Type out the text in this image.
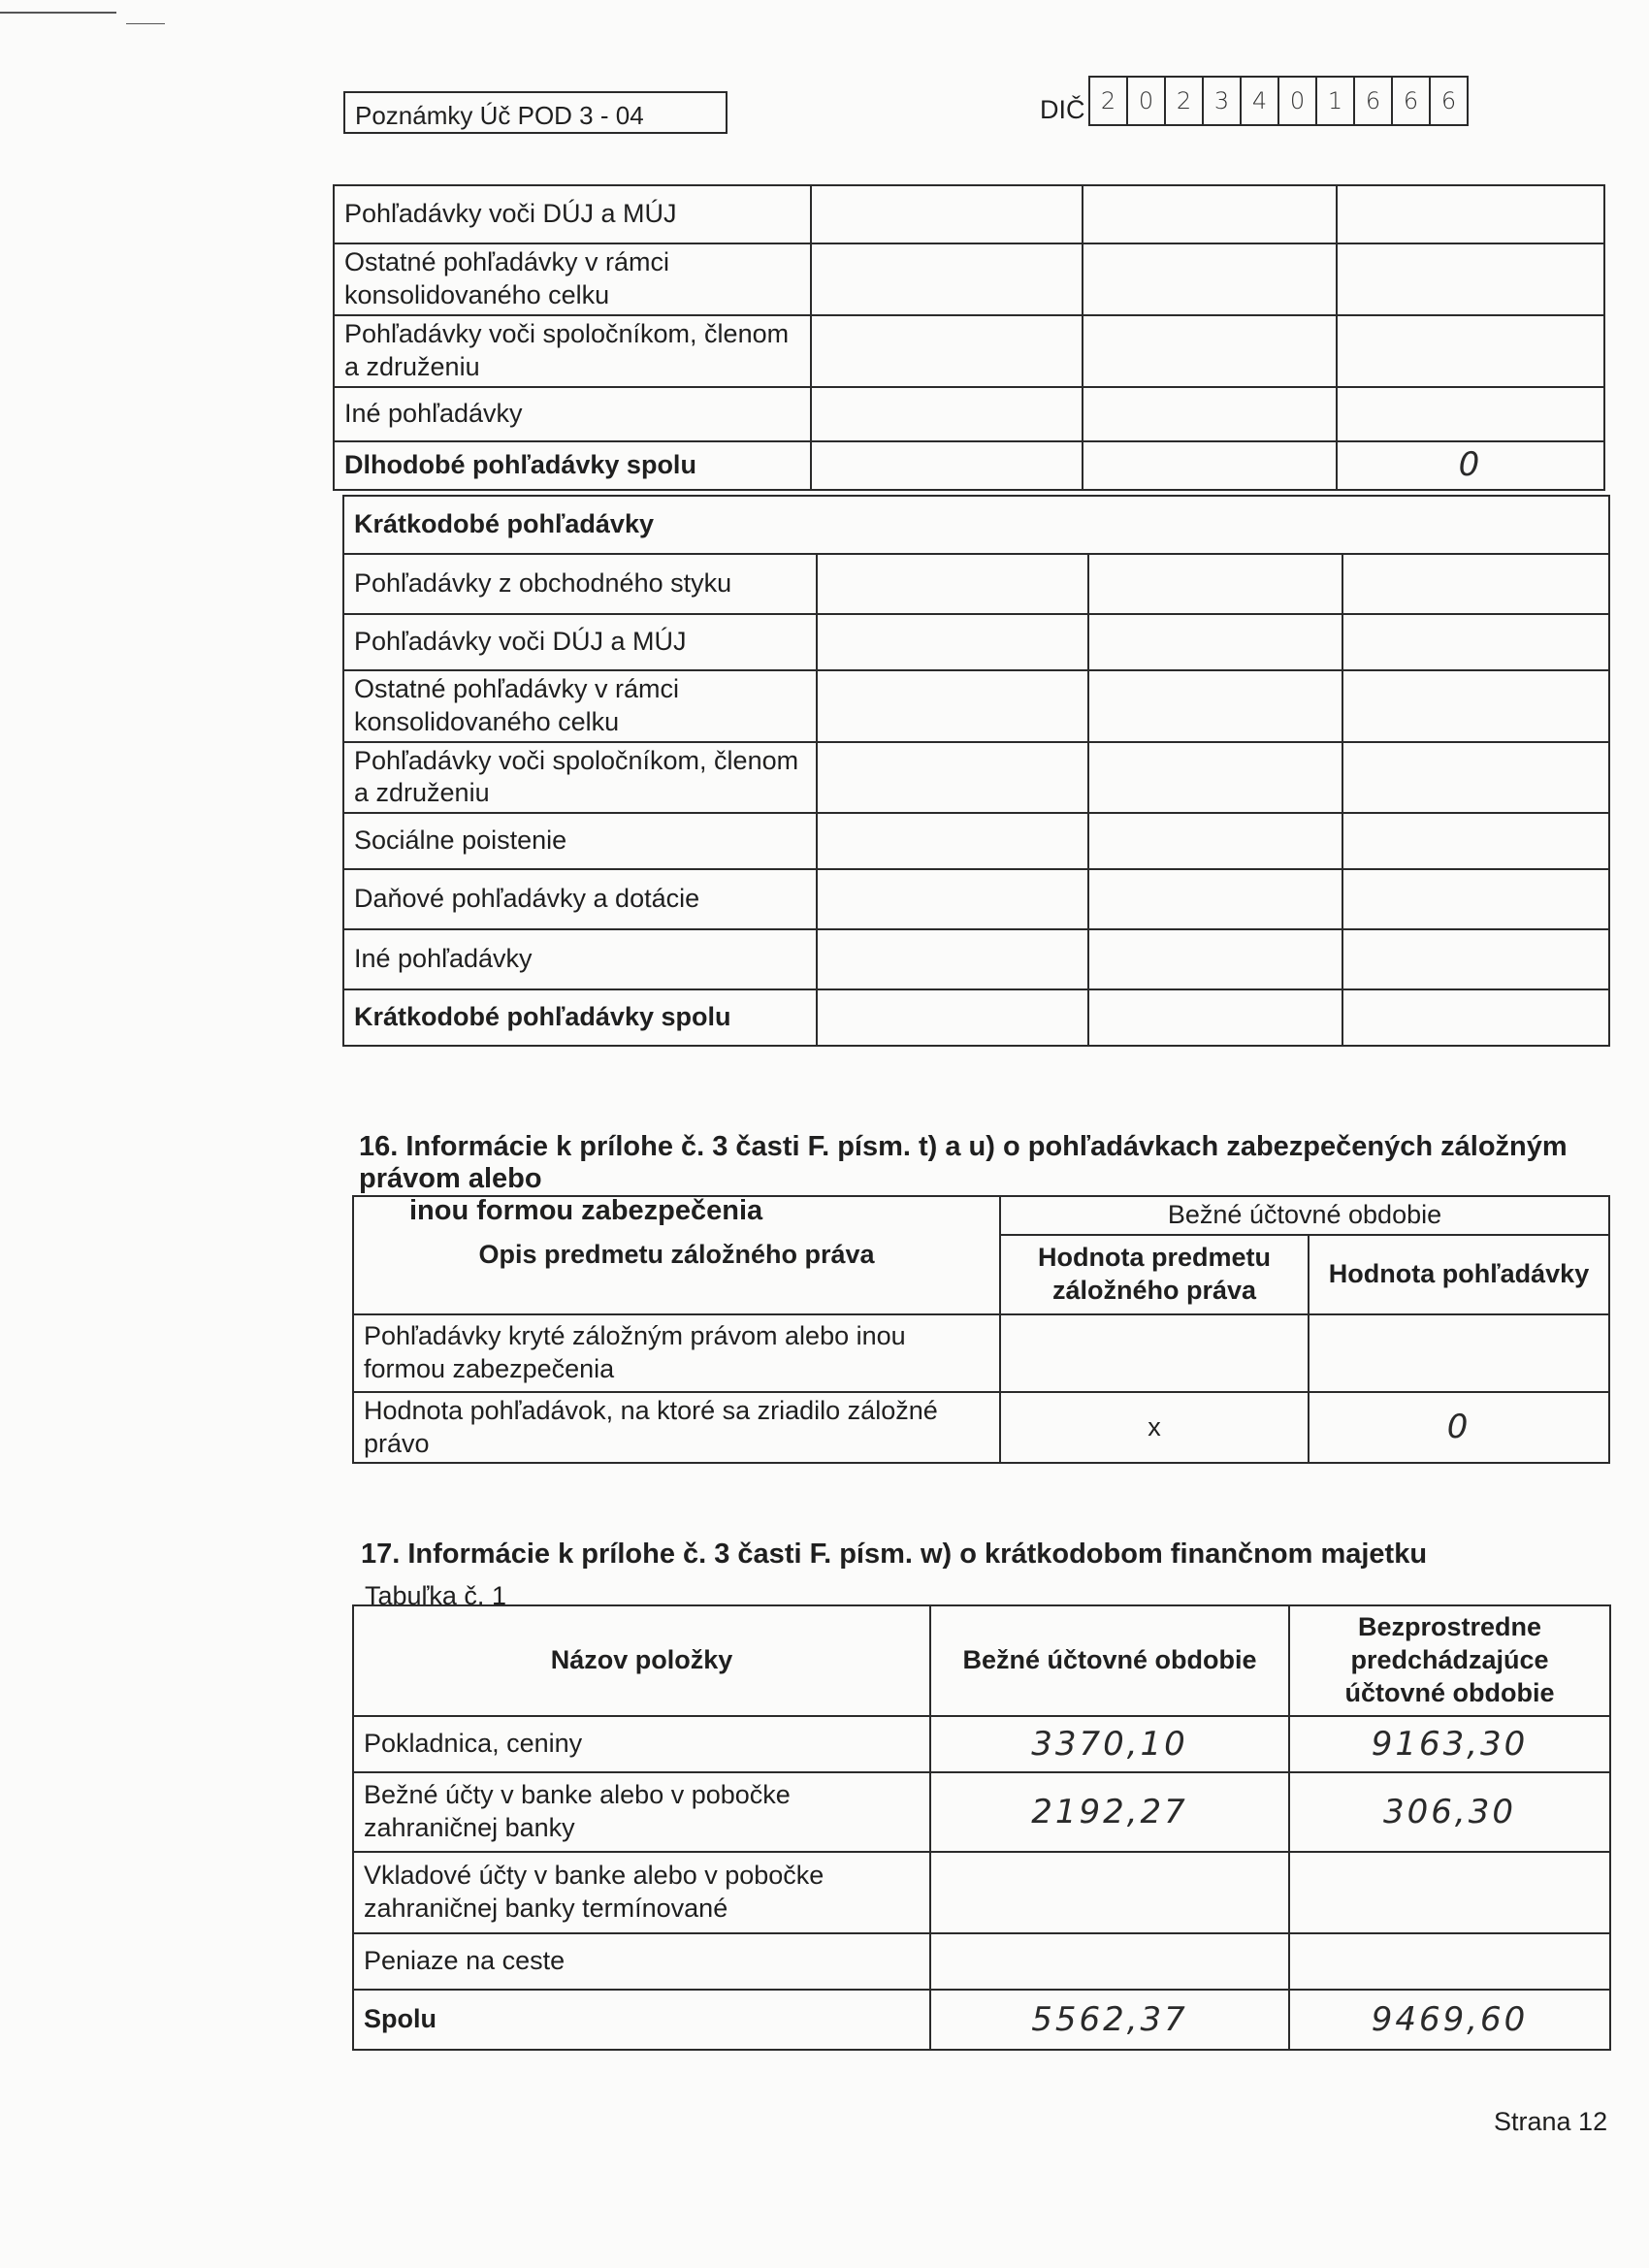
Poznámky Úč POD 3 - 04	DIČ 2 0 2 3 4 0 1 6 6 6
Pohľadávky voči DÚJ a MÚJ			
Ostatné pohľadávky v rámci konsolidovaného celku			
Pohľadávky voči spoločníkom, členom a združeniu			
Iné pohľadávky			
Dlhodobé pohľadávky spolu			0
Krátkodobé pohľadávky			
Pohľadávky z obchodného styku			
Pohľadávky voči DÚJ a MÚJ			
Ostatné pohľadávky v rámci konsolidovaného celku			
Pohľadávky voči spoločníkom, členom a združeniu			
Sociálne poistenie			
Daňové pohľadávky a dotácie			
Iné pohľadávky			
Krátkodobé pohľadávky spolu			
16. Informácie k prílohe č. 3 časti F. písm. t) a u) o pohľadávkach zabezpečených záložným právom alebo
inou formou zabezpečenia
Opis predmetu záložného práva	Bežné účtovné obdobie	
	Hodnota predmetu záložného práva	Hodnota pohľadávky
Pohľadávky kryté záložným právom alebo inou formou zabezpečenia		
Hodnota pohľadávok, na ktoré sa zriadilo záložné právo	x	0
17. Informácie k prílohe č. 3 časti F. písm. w) o krátkodobom finančnom majetku
Tabuľka č. 1
Názov položky	Bežné účtovné obdobie	Bezprostredne predchádzajúce účtovné obdobie
Pokladnica, ceniny	3370,10	9163,30
Bežné účty v banke alebo v pobočke zahraničnej banky	2192,27	306,30
Vkladové účty v banke alebo v pobočke zahraničnej banky termínované		
Peniaze na ceste		
Spolu	5562,37	9469,60
Strana 12
